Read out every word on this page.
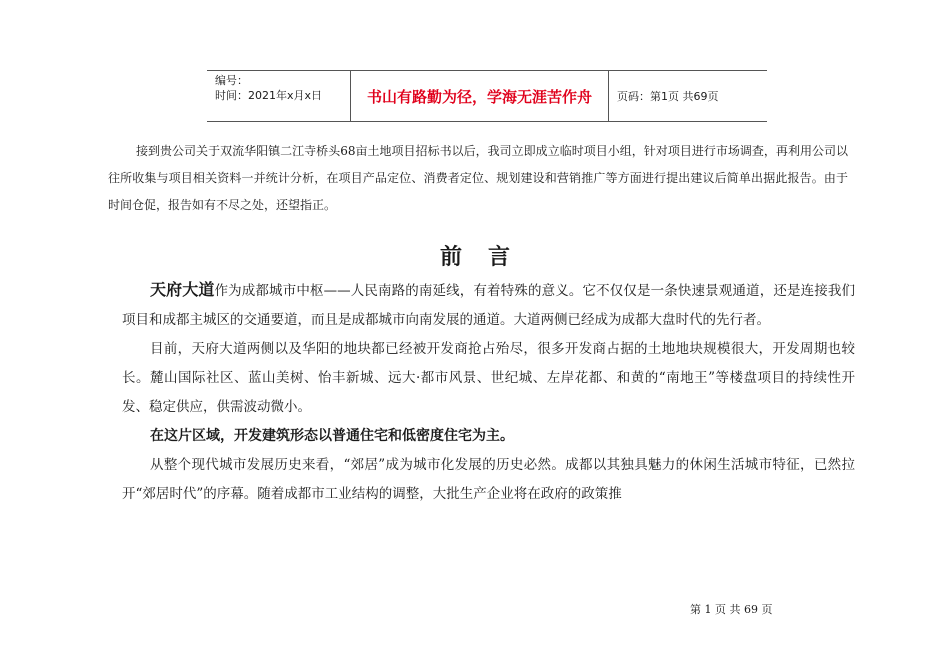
编号：
时间：2021年x月x日	书山有路勤为径，学海无涯苦作舟	页码：第1页 共69页

接到贵公司关于双流华阳镇二江寺桥头68亩土地项目招标书以后，我司立即成立临时项目小组，针对项目进行市场调查，再利用公司以往所收集与项目相关资料一并统计分析，在项目产品定位、消费者定位、规划建设和营销推广等方面进行提出建议后简单出据此报告。由于时间仓促，报告如有不尽之处，还望指正。

前言

天府大道作为成都城市中枢——人民南路的南延线，有着特殊的意义。它不仅仅是一条快速景观通道，还是连接我们项目和成都主城区的交通要道，而且是成都城市向南发展的通道。大道两侧已经成为成都大盘时代的先行者。

目前，天府大道两侧以及华阳的地块都已经被开发商抢占殆尽，很多开发商占据的土地地块规模很大，开发周期也较长。麓山国际社区、蓝山美树、怡丰新城、远大·都市风景、世纪城、左岸花都、和黄的“南地王”等楼盘项目的持续性开发、稳定供应，供需波动微小。

在这片区域，开发建筑形态以普通住宅和低密度住宅为主。

从整个现代城市发展历史来看，“郊居”成为城市化发展的历史必然。成都以其独具魅力的休闲生活城市特征，已然拉开“郊居时代”的序幕。随着成都市工业结构的调整，大批生产企业将在政府的政策推

第 1 页 共 69 页
